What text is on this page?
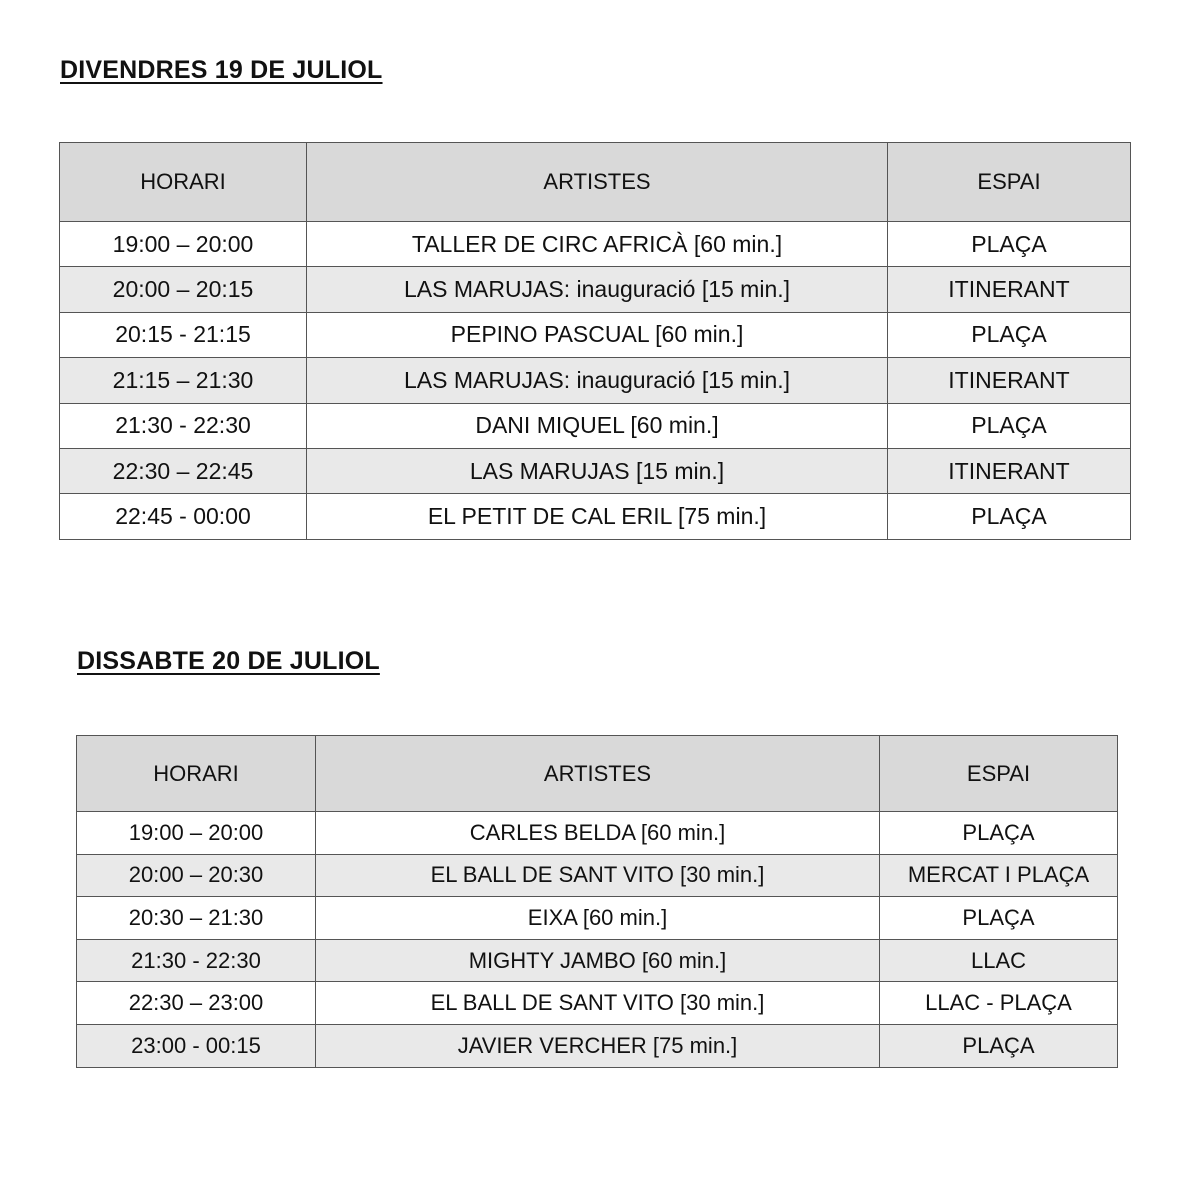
DIVENDRES 19 DE JULIOL
HORARI	ARTISTES	ESPAI
19:00 – 20:00	TALLER DE CIRC AFRICÀ [60 min.]	PLAÇA
20:00 – 20:15	LAS MARUJAS: inauguració [15 min.]	ITINERANT
20:15 - 21:15	PEPINO PASCUAL [60 min.]	PLAÇA
21:15 – 21:30	LAS MARUJAS: inauguració [15 min.]	ITINERANT
21:30 - 22:30	DANI MIQUEL [60 min.]	PLAÇA
22:30 – 22:45	LAS MARUJAS [15 min.]	ITINERANT
22:45 - 00:00	EL PETIT DE CAL ERIL [75 min.]	PLAÇA
DISSABTE 20 DE JULIOL
HORARI	ARTISTES	ESPAI
19:00 – 20:00	CARLES BELDA [60 min.]	PLAÇA
20:00 – 20:30	EL BALL DE SANT VITO [30 min.]	MERCAT I PLAÇA
20:30 – 21:30	EIXA [60 min.]	PLAÇA
21:30 - 22:30	MIGHTY JAMBO [60 min.]	LLAC
22:30 – 23:00	EL BALL DE SANT VITO [30 min.]	LLAC - PLAÇA
23:00 - 00:15	JAVIER VERCHER [75 min.]	PLAÇA
